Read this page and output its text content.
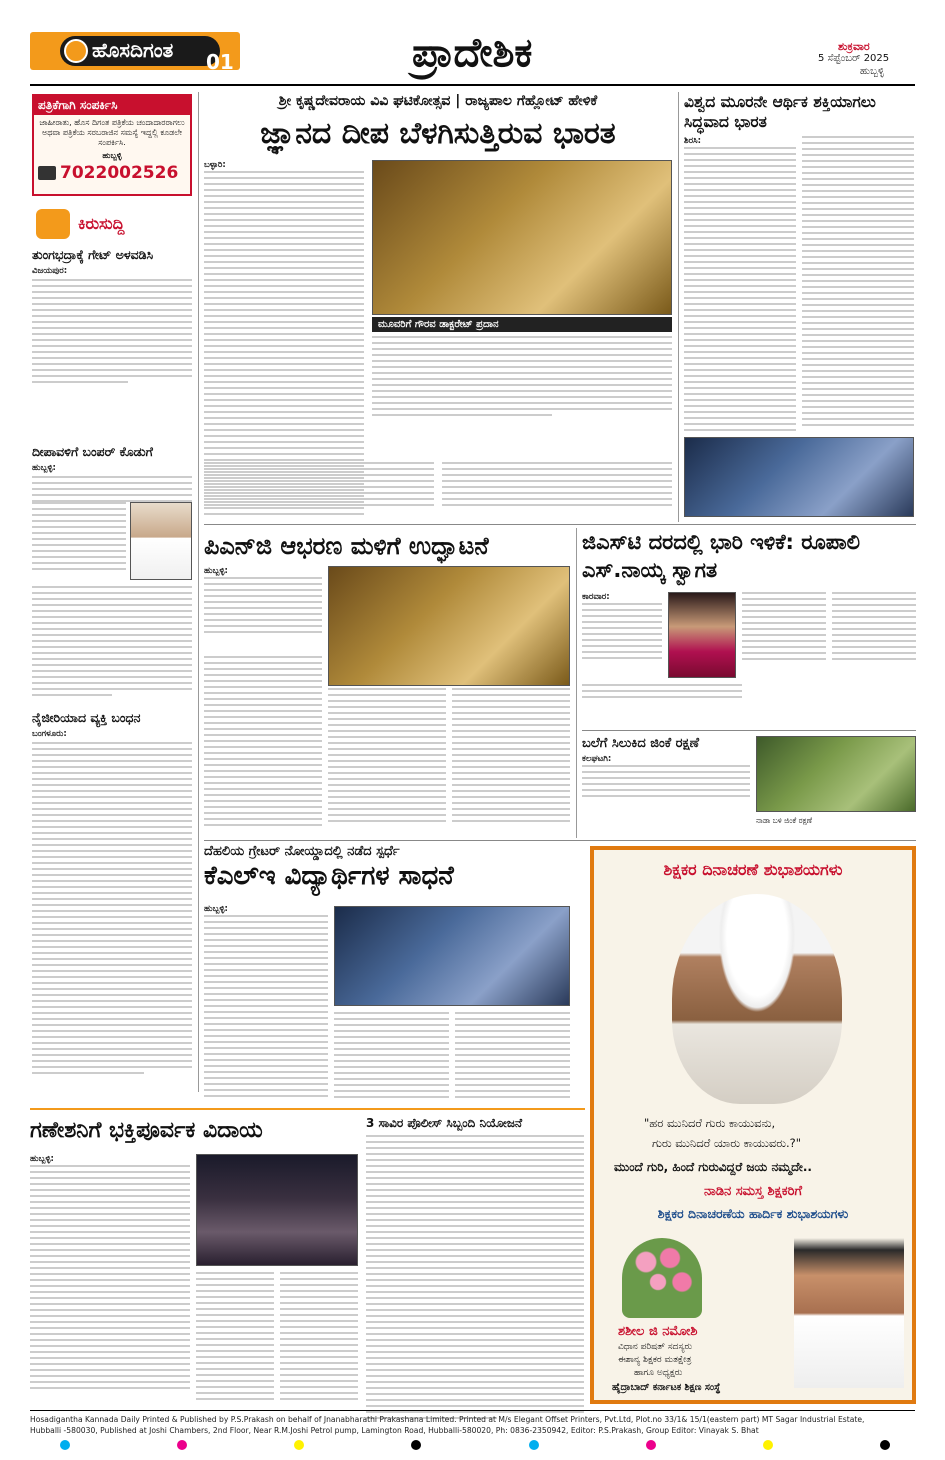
ಹೊಸದಿಗಂತ 01	ಪ್ರಾದೇಶಿಕ	ಶುಕ್ರವಾರ
5 ಸೆಪ್ಟೆಂಬರ್ 2025
ಹುಬ್ಬಳ್ಳಿ
ಪತ್ರಿಕೆಗಾಗಿ ಸಂಪರ್ಕಿಸಿ
ಜಾಹೀರಾತು, ಹೊಸ ದಿಗಂತ ಪತ್ರಿಕೆಯ ಚಂದಾದಾರರಾಗಲು ಅಥವಾ ಪತ್ರಿಕೆಯ ಸರಬರಾಜಿನ ಸಮಸ್ಯೆ ಇದ್ದಲ್ಲಿ ಕೂಡಲೇ ಸಂಪರ್ಕಿಸಿ.
ಹುಬ್ಬಳ್ಳಿ
7022002526
ಕಿರುಸುದ್ದಿ
ತುಂಗಭದ್ರಾಕ್ಕೆ ಗೇಟ್ ಅಳವಡಿಸಿ
ವಿಜಯಪುರ:
ದೀಪಾವಳಿಗೆ ಬಂಪರ್ ಕೊಡುಗೆ
ಹುಬ್ಬಳ್ಳಿ:
ನೈಜೀರಿಯಾದ ವ್ಯಕ್ತಿ ಬಂಧನ
ಬಂಗಳೂರು:
ಶ್ರೀ ಕೃಷ್ಣದೇವರಾಯ ವಿವಿ ಘಟಿಕೋತ್ಸವ | ರಾಜ್ಯಪಾಲ ಗೆಹ್ಲೋಟ್ ಹೇಳಿಕೆ
ಜ್ಞಾನದ ದೀಪ ಬೆಳಗಿಸುತ್ತಿರುವ ಭಾರತ
ಬಳ್ಳಾರಿ:
ಮೂವರಿಗೆ ಗೌರವ ಡಾಕ್ಟರೇಟ್ ಪ್ರದಾನ
ವಿಶ್ವದ ಮೂರನೇ ಆರ್ಥಿಕ ಶಕ್ತಿಯಾಗಲು ಸಿದ್ಧವಾದ ಭಾರತ
ಶಿರಸಿ:
ಪಿಎನ್‌ಜಿ ಆಭರಣ ಮಳಿಗೆ ಉದ್ಘಾಟನೆ
ಹುಬ್ಬಳ್ಳಿ:
ಜಿಎಸ್‌ಟಿ ದರದಲ್ಲಿ ಭಾರಿ ಇಳಿಕೆ: ರೂಪಾಲಿ ಎಸ್.ನಾಯ್ಕ ಸ್ವಾಗತ
ಕಾರವಾರ:
ಬಲೆಗೆ ಸಿಲುಕಿದ ಜಿಂಕೆ ರಕ್ಷಣೆ
ಕಲಘಟಗಿ:
ನಾಡಾ ಬಳಿ ಜಿಂಕೆ ರಕ್ಷಣೆ
ದೆಹಲಿಯ ಗ್ರೇಟರ್ ನೋಯ್ಡಾದಲ್ಲಿ ನಡೆದ ಸ್ಪರ್ಧೆ
ಕೆಎಲ್‌ಇ ವಿದ್ಯಾರ್ಥಿಗಳ ಸಾಧನೆ
ಹುಬ್ಬಳ್ಳಿ:
ಶಿಕ್ಷಕರ ದಿನಾಚರಣೆ ಶುಭಾಶಯಗಳು
"ಹರ ಮುನಿದರೆ ಗುರು ಕಾಯುವನು,
ಗುರು ಮುನಿದರೆ ಯಾರು ಕಾಯುವರು.?"
ಮುಂದೆ ಗುರಿ, ಹಿಂದೆ ಗುರುವಿದ್ದರೆ ಜಯ ನಮ್ಮದೇ..
ನಾಡಿನ ಸಮಸ್ತ ಶಿಕ್ಷಕರಿಗೆ
ಶಿಕ್ಷಕರ ದಿನಾಚರಣೆಯ ಹಾರ್ದಿಕ ಶುಭಾಶಯಗಳು
ಶಶೀಲ ಜಿ ನಮೋಶಿ
ವಿಧಾನ ಪರಿಷತ್ ಸದಸ್ಯರು
ಈಶಾನ್ಯ ಶಿಕ್ಷಕರ ಮತಕ್ಷೇತ್ರ
ಹಾಗೂ ಅಧ್ಯಕ್ಷರು
ಹೈದ್ರಾಬಾದ್ ಕರ್ನಾಟಕ ಶಿಕ್ಷಣ ಸಂಸ್ಥೆ
ಗಣೇಶನಿಗೆ ಭಕ್ತಿಪೂರ್ವಕ ವಿದಾಯ
ಹುಬ್ಬಳ್ಳಿ:
3 ಸಾವಿರ ಪೊಲೀಸ್ ಸಿಬ್ಬಂದಿ ನಿಯೋಜನೆ
Hosadigantha Kannada Daily Printed & Published by P.S.Prakash on behalf of Jnanabharathi Prakashana Limited. Printed at M/s Elegant Offset Printers, Pvt.Ltd, Plot.no 33/1& 15/1(eastern part) MT Sagar Industrial Estate,
Hubballi -580030, Published at Joshi Chambers, 2nd Floor, Near R.M.Joshi Petrol pump, Lamington Road, Hubballi-580020, Ph: 0836-2350942, Editor: P.S.Prakash, Group Editor: Vinayak S. Bhat
